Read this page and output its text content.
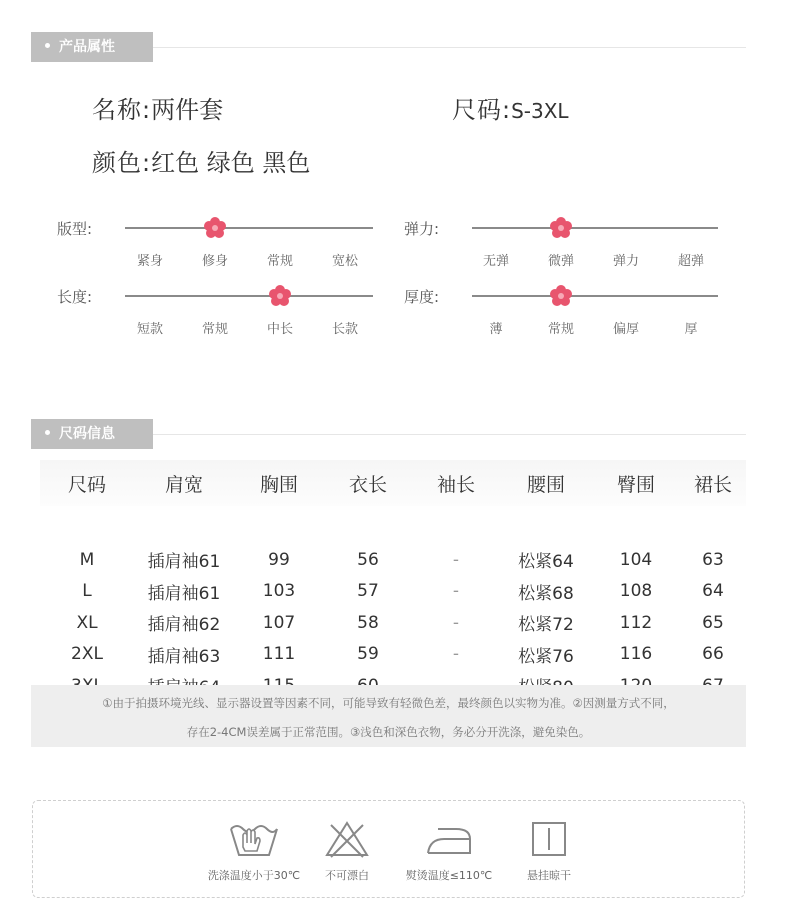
产品属性
名称:两件套	尺码:S-3XL
颜色:红色 绿色 黑色
版型:
紧身	修身	常规	宽松
弹力:
无弹	微弹	弹力	超弹
长度:
短款	常规	中长	长款
厚度:
薄	常规	偏厚	厚
尺码信息
尺码	肩宽	胸围	衣长	袖长	腰围	臀围	裙长

M	插肩袖61	99	56	-	松紧64	104	63
L	插肩袖61	103	57	-	松紧68	108	64
XL	插肩袖62	107	58	-	松紧72	112	65
2XL	插肩袖63	111	59	-	松紧76	116	66

①由于拍摄环境光线、显示器设置等因素不同，可能导致有轻微色差，最终颜色以实物为准。②因测量方式不同，

存在2-4CM误差属于正常范围。③浅色和深色衣物，务必分开洗涤，避免染色。

洗涤温度小于30℃	不可漂白	熨烫温度≤110℃	悬挂晾干
